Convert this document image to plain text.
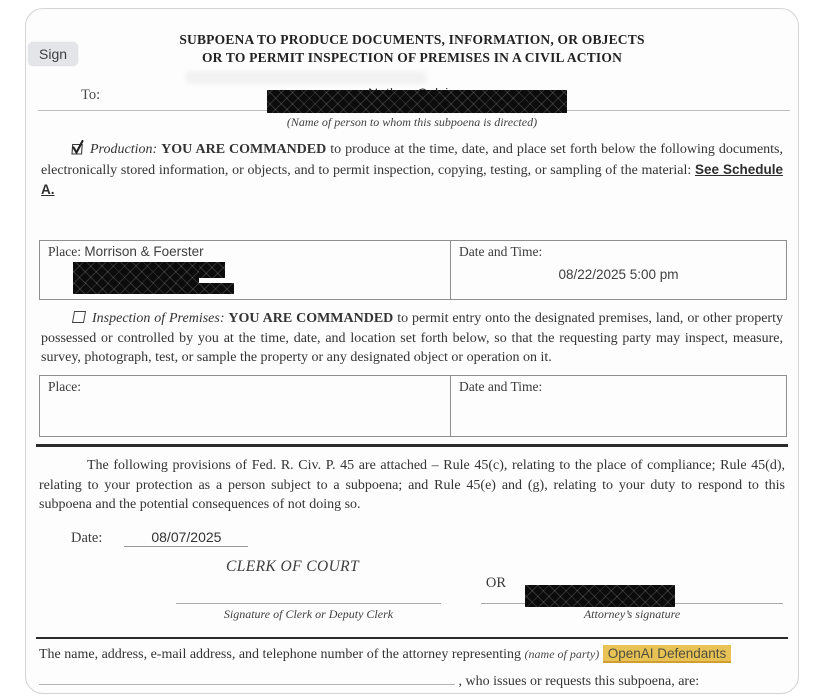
SUBPOENA TO PRODUCE DOCUMENTS, INFORMATION, OR OBJECTS
OR TO PERMIT INSPECTION OF PREMISES IN A CIVIL ACTION
To:
(Name of person to whom this subpoena is directed)
Production: YOU ARE COMMANDED to produce at the time, date, and place set forth below the following documents, electronically stored information, or objects, and to permit inspection, copying, testing, or sampling of the material: See Schedule A.
Place: Morrison & Foerster	Date and Time:
08/22/2025 5:00 pm
Inspection of Premises: YOU ARE COMMANDED to permit entry onto the designated premises, land, or other property possessed or controlled by you at the time, date, and location set forth below, so that the requesting party may inspect, measure, survey, photograph, test, or sample the property or any designated object or operation on it.
Place:	Date and Time:
The following provisions of Fed. R. Civ. P. 45 are attached – Rule 45(c), relating to the place of compliance; Rule 45(d), relating to your protection as a person subject to a subpoena; and Rule 45(e) and (g), relating to your duty to respond to this subpoena and the potential consequences of not doing so.
Date:	08/07/2025
CLERK OF COURT
OR
Signature of Clerk or Deputy Clerk	Attorney’s signature
The name, address, e-mail address, and telephone number of the attorney representing (name of party) OpenAI Defendants
, who issues or requests this subpoena, are:
Sign
